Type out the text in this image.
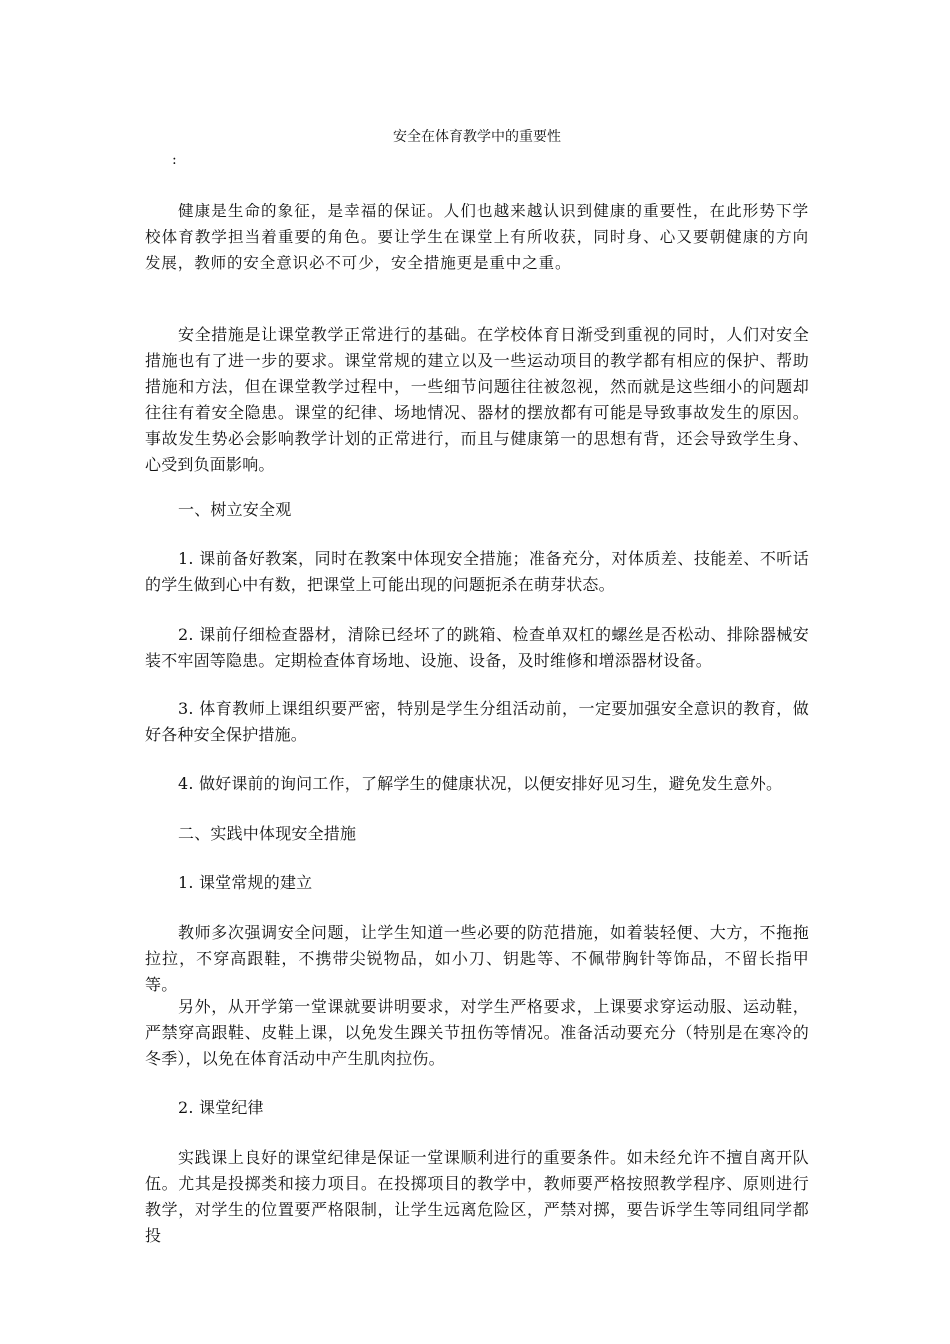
安全在体育教学中的重要性
:

健康是生命的象征，是幸福的保证。人们也越来越认识到健康的重要性，在此形势下学校体育教学担当着重要的角色。要让学生在课堂上有所收获，同时身、心又要朝健康的方向发展，教师的安全意识必不可少，安全措施更是重中之重。

安全措施是让课堂教学正常进行的基础。在学校体育日渐受到重视的同时，人们对安全措施也有了进一步的要求。课堂常规的建立以及一些运动项目的教学都有相应的保护、帮助措施和方法，但在课堂教学过程中，一些细节问题往往被忽视，然而就是这些细小的问题却往往有着安全隐患。课堂的纪律、场地情况、器材的摆放都有可能是导致事故发生的原因。事故发生势必会影响教学计划的正常进行，而且与健康第一的思想有背，还会导致学生身、心受到负面影响。

一、树立安全观

1. 课前备好教案，同时在教案中体现安全措施；准备充分，对体质差、技能差、不听话的学生做到心中有数，把课堂上可能出现的问题扼杀在萌芽状态。

2. 课前仔细检查器材，清除已经坏了的跳箱、检查单双杠的螺丝是否松动、排除器械安装不牢固等隐患。定期检查体育场地、设施、设备，及时维修和增添器材设备。

3. 体育教师上课组织要严密，特别是学生分组活动前，一定要加强安全意识的教育，做好各种安全保护措施。

4. 做好课前的询问工作，了解学生的健康状况，以便安排好见习生，避免发生意外。

二、实践中体现安全措施

1. 课堂常规的建立

教师多次强调安全问题，让学生知道一些必要的防范措施，如着装轻便、大方，不拖拖拉拉，不穿高跟鞋，不携带尖锐物品，如小刀、钥匙等、不佩带胸针等饰品，不留长指甲等。

另外，从开学第一堂课就要讲明要求，对学生严格要求，上课要求穿运动服、运动鞋，严禁穿高跟鞋、皮鞋上课，以免发生踝关节扭伤等情况。准备活动要充分（特别是在寒冷的冬季），以免在体育活动中产生肌肉拉伤。

2. 课堂纪律

实践课上良好的课堂纪律是保证一堂课顺利进行的重要条件。如未经允许不擅自离开队伍。尤其是投掷类和接力项目。在投掷项目的教学中，教师要严格按照教学程序、原则进行教学，对学生的位置要严格限制，让学生远离危险区，严禁对掷，要告诉学生等同组同学都投
